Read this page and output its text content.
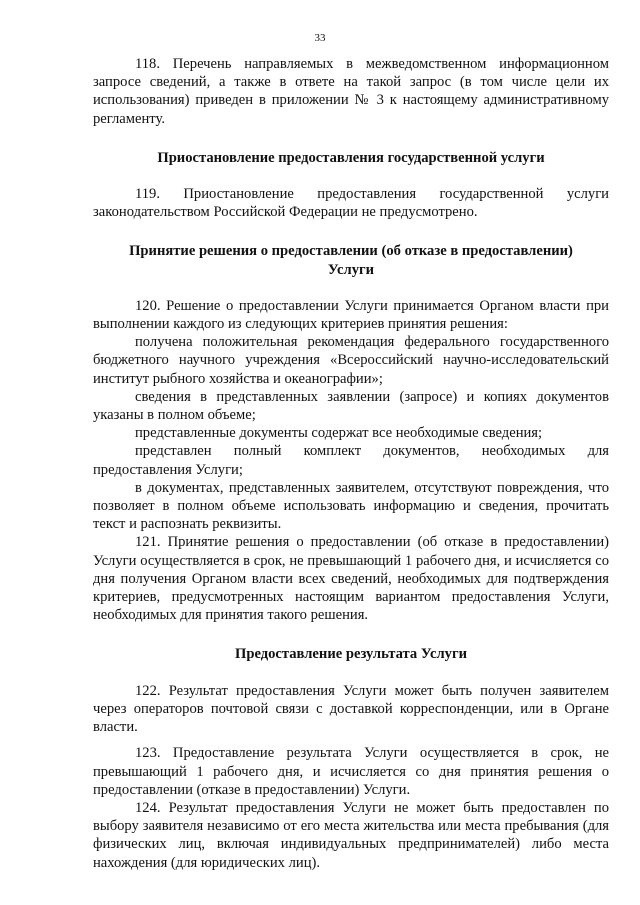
33

118. Перечень направляемых в межведомственном информационном запросе сведений, а также в ответе на такой запрос (в том числе цели их использования) приведен в приложении № 3 к настоящему административному регламенту.

Приостановление предоставления государственной услуги

119. Приостановление предоставления государственной услуги законодательством Российской Федерации не предусмотрено.

Принятие решения о предоставлении (об отказе в предоставлении)

Услуги

120. Решение о предоставлении Услуги принимается Органом власти при выполнении каждого из следующих критериев принятия решения:

получена положительная рекомендация федерального государственного бюджетного научного учреждения «Всероссийский научно-исследовательский институт рыбного хозяйства и океанографии»;

сведения в представленных заявлении (запросе) и копиях документов указаны в полном объеме;

представленные документы содержат все необходимые сведения;

представлен полный комплект документов, необходимых для предоставления Услуги;

в документах, представленных заявителем, отсутствуют повреждения, что позволяет в полном объеме использовать информацию и сведения, прочитать текст и распознать реквизиты.

121. Принятие решения о предоставлении (об отказе в предоставлении) Услуги осуществляется в срок, не превышающий 1 рабочего дня, и исчисляется со дня получения Органом власти всех сведений, необходимых для подтверждения критериев, предусмотренных настоящим вариантом предоставления Услуги, необходимых для принятия такого решения.

Предоставление результата Услуги

122. Результат предоставления Услуги может быть получен заявителем через операторов почтовой связи с доставкой корреспонденции, или в Органе власти.

123. Предоставление результата Услуги осуществляется в срок, не превышающий 1 рабочего дня, и исчисляется со дня принятия решения о предоставлении (отказе в предоставлении) Услуги.

124. Результат предоставления Услуги не может быть предоставлен по выбору заявителя независимо от его места жительства или места пребывания (для физических лиц, включая индивидуальных предпринимателей) либо места нахождения (для юридических лиц).
